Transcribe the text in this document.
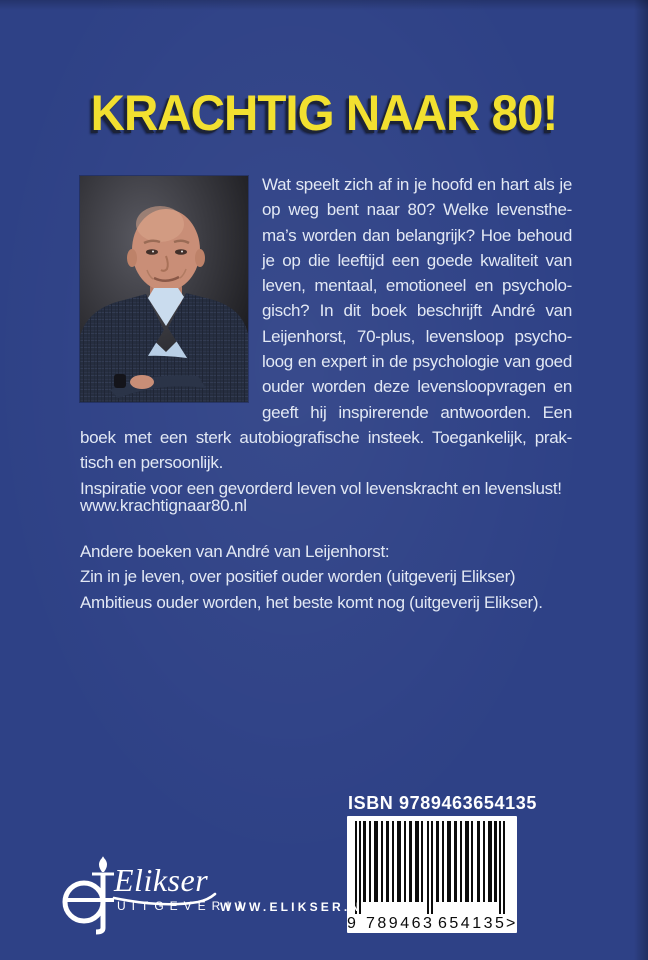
KRACHTIG NAAR 80!
Wat speelt zich af in je hoofd en hart als je
op weg bent naar 80? Welke levensthe-
ma’s worden dan belangrijk? Hoe behoud
je op die leeftijd een goede kwaliteit van
leven, mentaal, emotioneel en psycholo-
gisch? In dit boek beschrijft André van
Leijenhorst, 70-plus, levensloop psycho-
loog en expert in de psychologie van goed
ouder worden deze levensloopvragen en
geeft hij inspirerende antwoorden. Een
boek met een sterk autobiografische insteek. Toegankelijk, prak-
tisch en persoonlijk.
Inspiratie voor een gevorderd leven vol levenskracht en levenslust!
www.krachtignaar80.nl
Andere boeken van André van Leijenhorst:
Zin in je leven, over positief ouder worden (uitgeverij Elikser)
Ambitieus ouder worden, het beste komt nog (uitgeverij Elikser).
ISBN 9789463654135
9 789463 654135 >
Elikser
UITGEVERIJ
WWW.ELIKSER.NL
